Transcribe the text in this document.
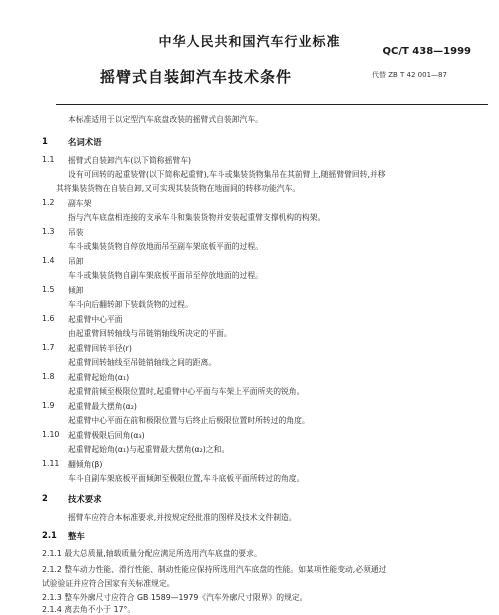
中华人民共和国汽车行业标准
QC/T 438—1999
摇臂式自装卸汽车技术条件	代替 ZB T 42 001—87
本标准适用于以定型汽车底盘改装的摇臂式自装卸汽车。
1 名词术语
1.1 摇臂式自装卸汽车(以下简称摇臂车)
设有可回转的起重装臂(以下简称起重臂),车斗或集装货物集吊在其前臂上,随摇臂臂回转,并移
其将集装货物在自装自卸,又可实现其装货物在地面间的转移功能汽车。
1.2 副车架
指与汽车底盘相连接的支承车斗和集装货物并安装起重臂支撑机构的构架。
1.3 吊装
车斗或集装货物自停放地面吊至副车架底板平面的过程。
1.4 吊卸
车斗或集装货物自副车架底板平面吊至停放地面的过程。
1.5 倾卸
车斗向后翻转卸下装载货物的过程。
1.6 起重臂中心平面
由起重臂回转轴线与吊链销轴线所决定的平面。
1.7 起重臂回转半径(r)
起重臂回转轴线至吊链销轴线之间的距离。
1.8 起重臂起始角(α₁)
起重臂前倾至极限位置时,起重臂中心平面与车架上平面所夹的锐角。
1.9 起重臂最大摆角(α₂)
起重臂中心平面在前和极限位置与后终止后极限位置时所转过的角度。
1.10 起重臂极限后回角(α₃)
起重臂起始角(α₁)与起重臂最大摆角(α₂)之和。
1.11 翻倾角(β)
车斗自副车架底板平面倾卸至极限位置,车斗底板平面所转过的角度。
2 技术要求
摇臂车应符合本标准要求,并按规定经批准的图样及技术文件制造。
2.1 整车
2.1.1 最大总质量,轴载质量分配应满足所选用汽车底盘的要求。
2.1.2 整车动力性能、滑行性能、制动性能应保持所选用汽车底盘的性能。如某项性能变动,必须通过
试验验证并应符合国家有关标准规定。
2.1.3 整车外廓尺寸应符合 GB 1589—1979《汽车外廓尺寸限界》的规定。
2.1.4 离去角不小于 17°。
